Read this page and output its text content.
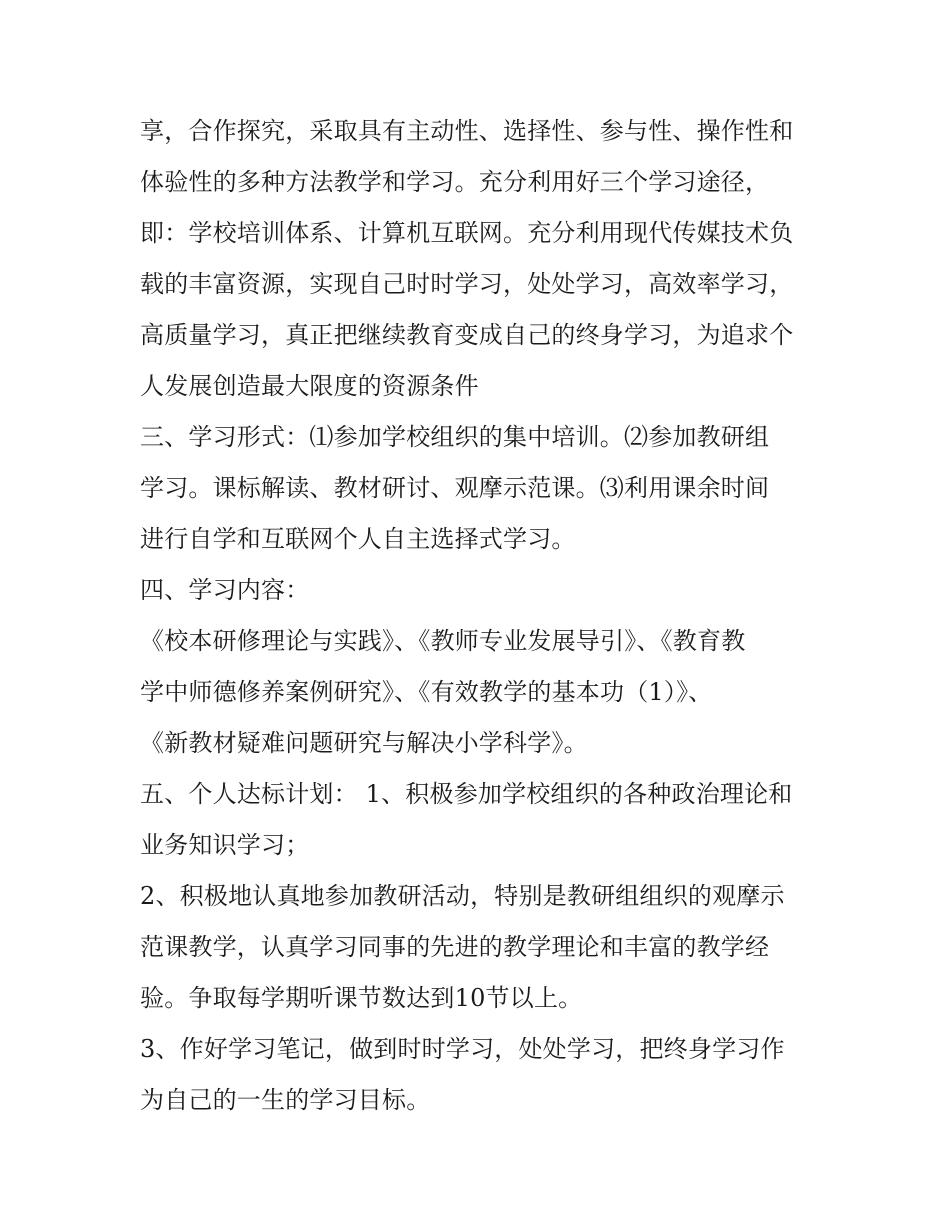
享，合作探究，采取具有主动性、选择性、参与性、操作性和
体验性的多种方法教学和学习。充分利用好三个学习途径，
即：学校培训体系、计算机互联网。充分利用现代传媒技术负
载的丰富资源，实现自己时时学习，处处学习，高效率学习，
高质量学习，真正把继续教育变成自己的终身学习，为追求个
人发展创造最大限度的资源条件
三、学习形式：⑴参加学校组织的集中培训。⑵参加教研组
学习。课标解读、教材研讨、观摩示范课。⑶利用课余时间
进行自学和互联网个人自主选择式学习。
四、学习内容：
《校本研修理论与实践》、《教师专业发展导引》、《教育教
学中师德修养案例研究》、《有效教学的基本功（1）》、
《新教材疑难问题研究与解决小学科学》。
五、个人达标计划： 1、积极参加学校组织的各种政治理论和
业务知识学习；
2、积极地认真地参加教研活动，特别是教研组组织的观摩示
范课教学，认真学习同事的先进的教学理论和丰富的教学经
验。争取每学期听课节数达到10节以上。
3、作好学习笔记，做到时时学习，处处学习，把终身学习作
为自己的一生的学习目标。
